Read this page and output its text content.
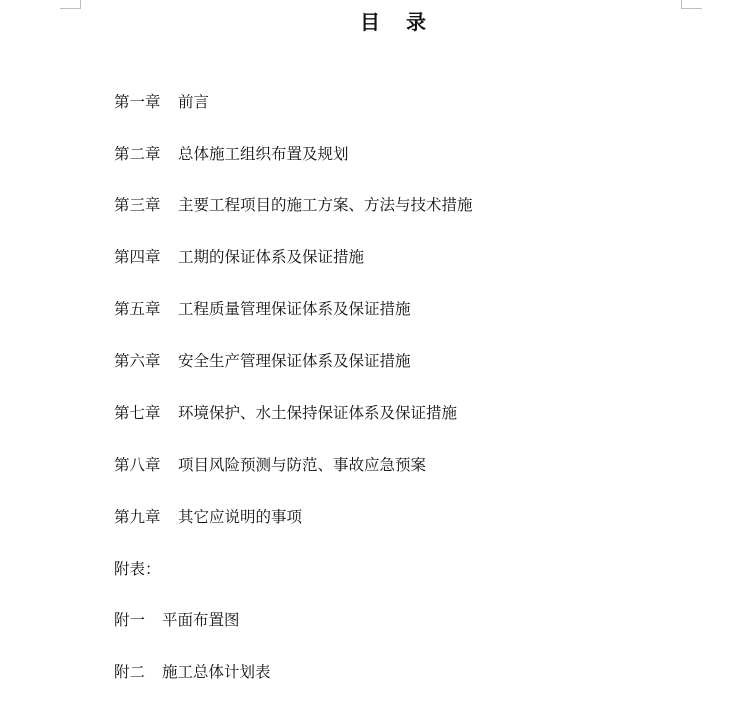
目录
第一章 前言
第二章 总体施工组织布置及规划
第三章 主要工程项目的施工方案、方法与技术措施
第四章 工期的保证体系及保证措施
第五章 工程质量管理保证体系及保证措施
第六章 安全生产管理保证体系及保证措施
第七章 环境保护、水土保持保证体系及保证措施
第八章 项目风险预测与防范、事故应急预案
第九章 其它应说明的事项
附表：
附一 平面布置图
附二 施工总体计划表
